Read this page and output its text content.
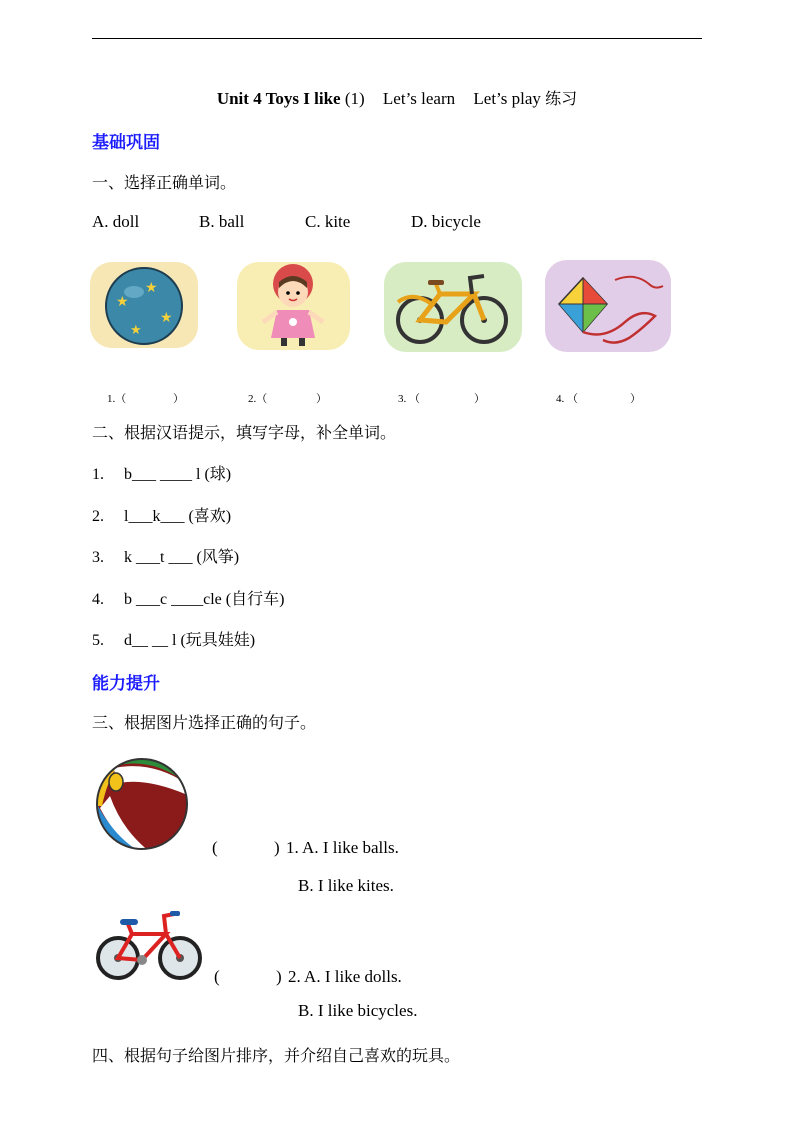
Unit 4 Toys I like (1) Let’s learn Let’s play 练习
基础巩固
一、选择正确单词。
A. doll	B. ball	C. kite	D. bicycle
★
★
★
★
1.（	）	2.（	）	3. （	）	4. （	）
二、根据汉语提示，填写字母，补全单词。
1. b___ ____ l (球)
2. l___k___ (喜欢)
3. k ___t ___ (风筝)
4. b ___c ____cle (自行车)
5. d__ __ l (玩具娃娃)
能力提升
三、根据图片选择正确的句子。
(	) 1. A. I like balls.
B. I like kites.
(	) 2. A. I like dolls.
B. I like bicycles.
四、根据句子给图片排序，并介绍自己喜欢的玩具。
